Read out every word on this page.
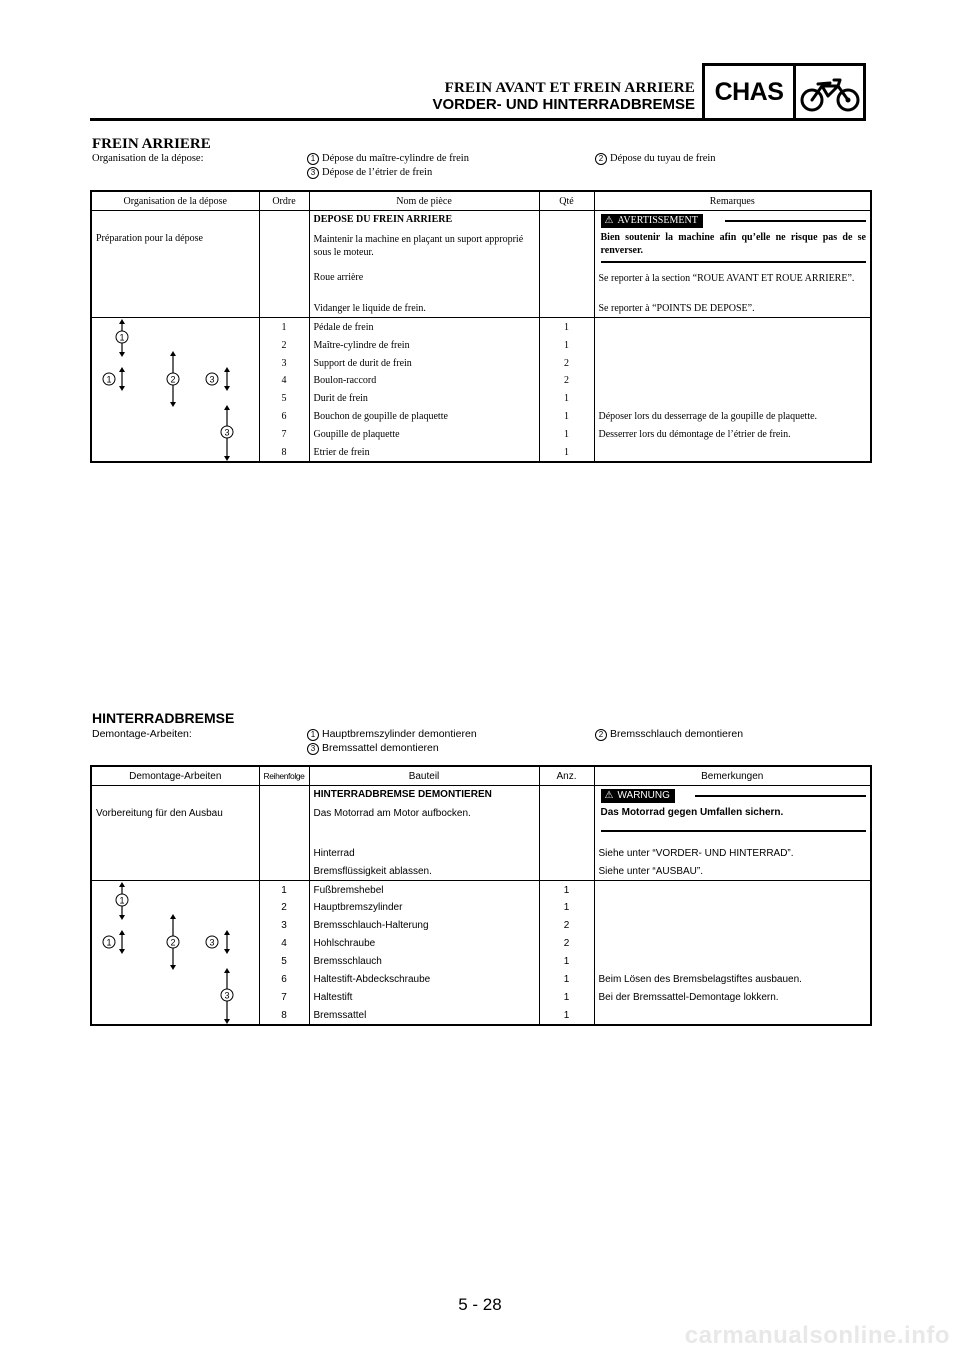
FREIN AVANT ET FREIN ARRIERE
VORDER- UND HINTERRADBREMSE CHAS
FREIN ARRIERE
Organisation de la dépose:	1 Dépose du maître-cylindre de frein	2 Dépose du tuyau de frein
3 Dépose de l’étrier de frein
Organisation de la dépose	Ordre	Nom de pièce	Qté	Remarques
		DEPOSE DU FREIN ARRIERE		⚠ AVERTISSEMENT
Bien soutenir la machine afin qu’elle ne risque pas de se renverser.

Préparation pour la dépose		Maintenir la machine en plaçant un suport approprié sous le moteur.		
		Roue arrière		Se reporter à la section “ROUE AVANT ET ROUE ARRIERE”.
		Vidanger le liquide de frein.		Se reporter à “POINTS DE DEPOSE”.

1
1 2 3
3	1	Pédale de frein	1	
	2	Maître-cylindre de frein	1	
	3	Support de durit de frein	2	
	4	Boulon-raccord	2	
	5	Durit de frein	1	
	6	Bouchon de goupille de plaquette	1	Déposer lors du desserrage de la goupille de plaquette.
	7	Goupille de plaquette	1	Desserrer lors du démontage de l’étrier de frein.
	8	Etrier de frein	1	
HINTERRADBREMSE
Demontage-Arbeiten:	1 Hauptbremszylinder demontieren	2 Bremsschlauch demontieren
3 Bremssattel demontieren
Demontage-Arbeiten	Reihenfolge	Bauteil	Anz.	Bemerkungen
		HINTERRADBREMSE DEMONTIEREN		⚠ WARNUNG
Das Motorrad gegen Umfallen sichern.

Vorbereitung für den Ausbau		Das Motorrad am Motor aufbocken.		
		Hinterrad		Siehe unter “VORDER- UND HINTERRAD”.
		Bremsflüssigkeit ablassen.		Siehe unter “AUSBAU”.

1
1 2 3
3	1	Fußbremshebel	1	
	2	Hauptbremszylinder	1	
	3	Bremsschlauch-Halterung	2	
	4	Hohlschraube	2	
	5	Bremsschlauch	1	
	6	Haltestift-Abdeckschraube	1	Beim Lösen des Bremsbelagstiftes ausbauen.
	7	Haltestift	1	Bei der Bremssattel-Demontage lokkern.
	8	Bremssattel	1	
5 - 28
carmanualsonline.info
